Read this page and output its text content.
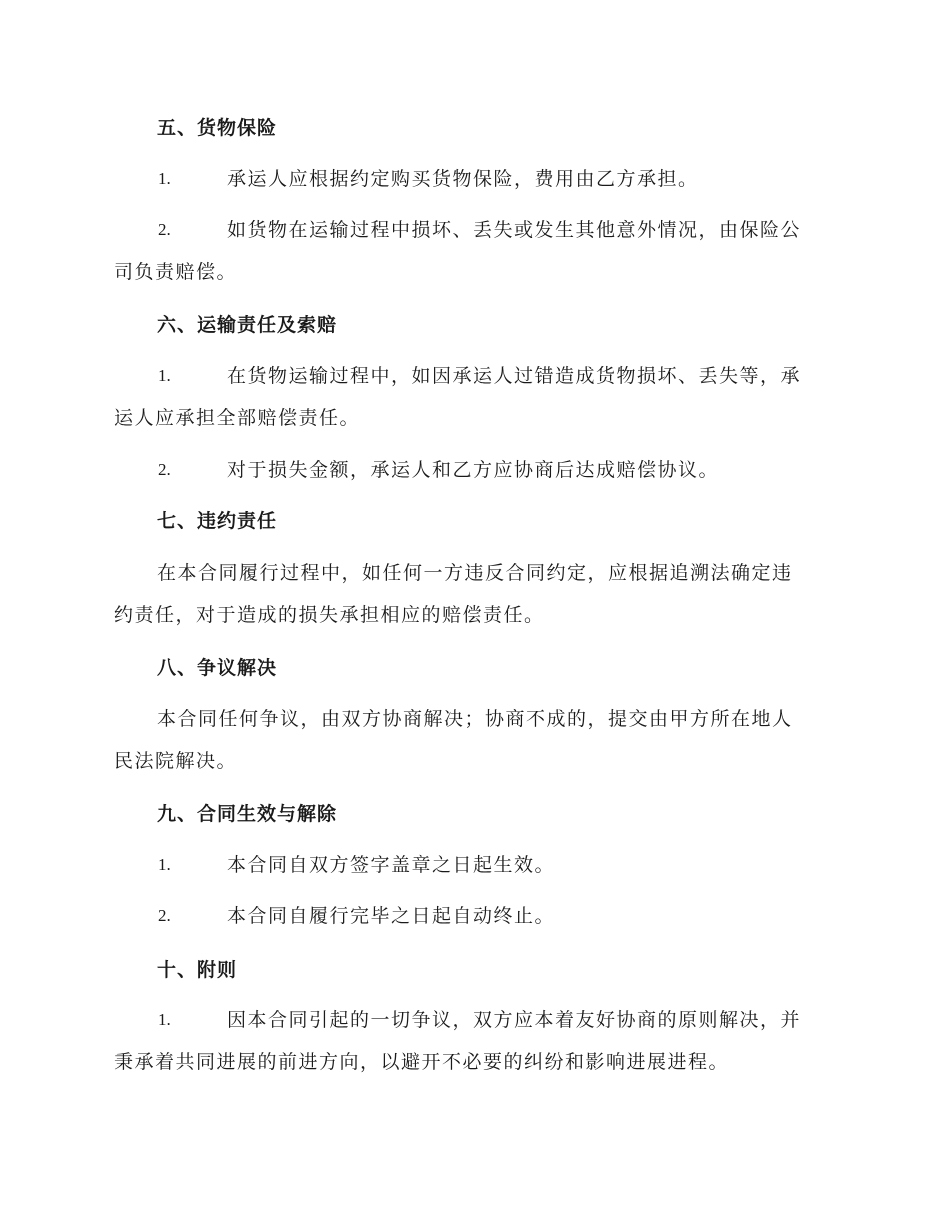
五、货物保险
1.	承运人应根据约定购买货物保险，费用由乙方承担。
2.	如货物在运输过程中损坏、丢失或发生其他意外情况，由保险公
司负责赔偿。
六、运输责任及索赔
1.	在货物运输过程中，如因承运人过错造成货物损坏、丢失等，承
运人应承担全部赔偿责任。
2.	对于损失金额，承运人和乙方应协商后达成赔偿协议。
七、违约责任
在本合同履行过程中，如任何一方违反合同约定，应根据追溯法确定违
约责任，对于造成的损失承担相应的赔偿责任。
八、争议解决
本合同任何争议，由双方协商解决；协商不成的，提交由甲方所在地人
民法院解决。
九、合同生效与解除
1.	本合同自双方签字盖章之日起生效。
2.	本合同自履行完毕之日起自动终止。
十、附则
1.	因本合同引起的一切争议，双方应本着友好协商的原则解决，并
秉承着共同进展的前进方向，以避开不必要的纠纷和影响进展进程。
